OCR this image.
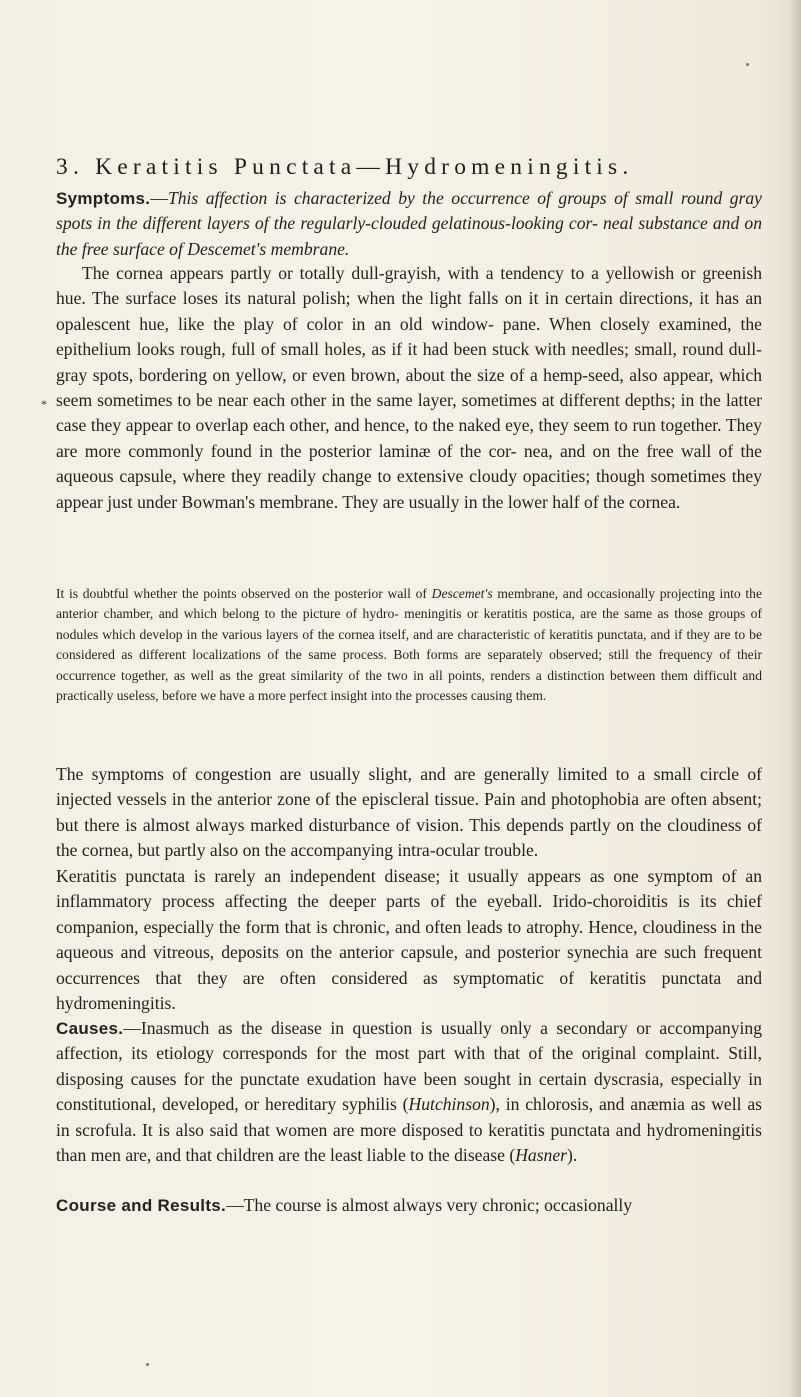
*
3. Keratitis Punctata—Hydromeningitis.

Symptoms.—This affection is characterized by the occurrence of groups of small round gray spots in the different layers of the regularly-clouded gelatinous-looking cor- neal substance and on the free surface of Descemet's membrane.

The cornea appears partly or totally dull-grayish, with a tendency to a yellowish or greenish hue. The surface loses its natural polish; when the light falls on it in certain directions, it has an opalescent hue, like the play of color in an old window- pane. When closely examined, the epithelium looks rough, full of small holes, as if it had been stuck with needles; small, round dull-gray spots, bordering on yellow, or even brown, about the size of a hemp-seed, also appear, which seem sometimes to be near each other in the same layer, sometimes at different depths; in the latter case they appear to overlap each other, and hence, to the naked eye, they seem to run together. They are more commonly found in the posterior laminæ of the cor- nea, and on the free wall of the aqueous capsule, where they readily change to extensive cloudy opacities; though sometimes they appear just under Bowman's membrane. They are usually in the lower half of the cornea.

It is doubtful whether the points observed on the posterior wall of Descemet's membrane, and occasionally projecting into the anterior chamber, and which belong to the picture of hydro- meningitis or keratitis postica, are the same as those groups of nodules which develop in the various layers of the cornea itself, and are characteristic of keratitis punctata, and if they are to be considered as different localizations of the same process. Both forms are separately observed; still the frequency of their occurrence together, as well as the great similarity of the two in all points, renders a distinction between them difficult and practically useless, before we have a more perfect insight into the processes causing them.

The symptoms of congestion are usually slight, and are generally limited to a small circle of injected vessels in the anterior zone of the episcleral tissue. Pain and photophobia are often absent; but there is almost always marked disturbance of vision. This depends partly on the cloudiness of the cornea, but partly also on the accompanying intra-ocular trouble.

Keratitis punctata is rarely an independent disease; it usually appears as one symptom of an inflammatory process affecting the deeper parts of the eyeball. Irido-choroiditis is its chief companion, especially the form that is chronic, and often leads to atrophy. Hence, cloudiness in the aqueous and vitreous, deposits on the anterior capsule, and posterior synechia are such frequent occurrences that they are often considered as symptomatic of keratitis punctata and hydromeningitis.

Causes.—Inasmuch as the disease in question is usually only a secondary or accompanying affection, its etiology corresponds for the most part with that of the original complaint. Still, disposing causes for the punctate exudation have been sought in certain dyscrasia, especially in constitutional, developed, or hereditary syphilis (Hutchinson), in chlorosis, and anæmia as well as in scrofula. It is also said that women are more disposed to keratitis punctata and hydromeningitis than men are, and that children are the least liable to the disease (Hasner).

Course and Results.—The course is almost always very chronic; occasionally
